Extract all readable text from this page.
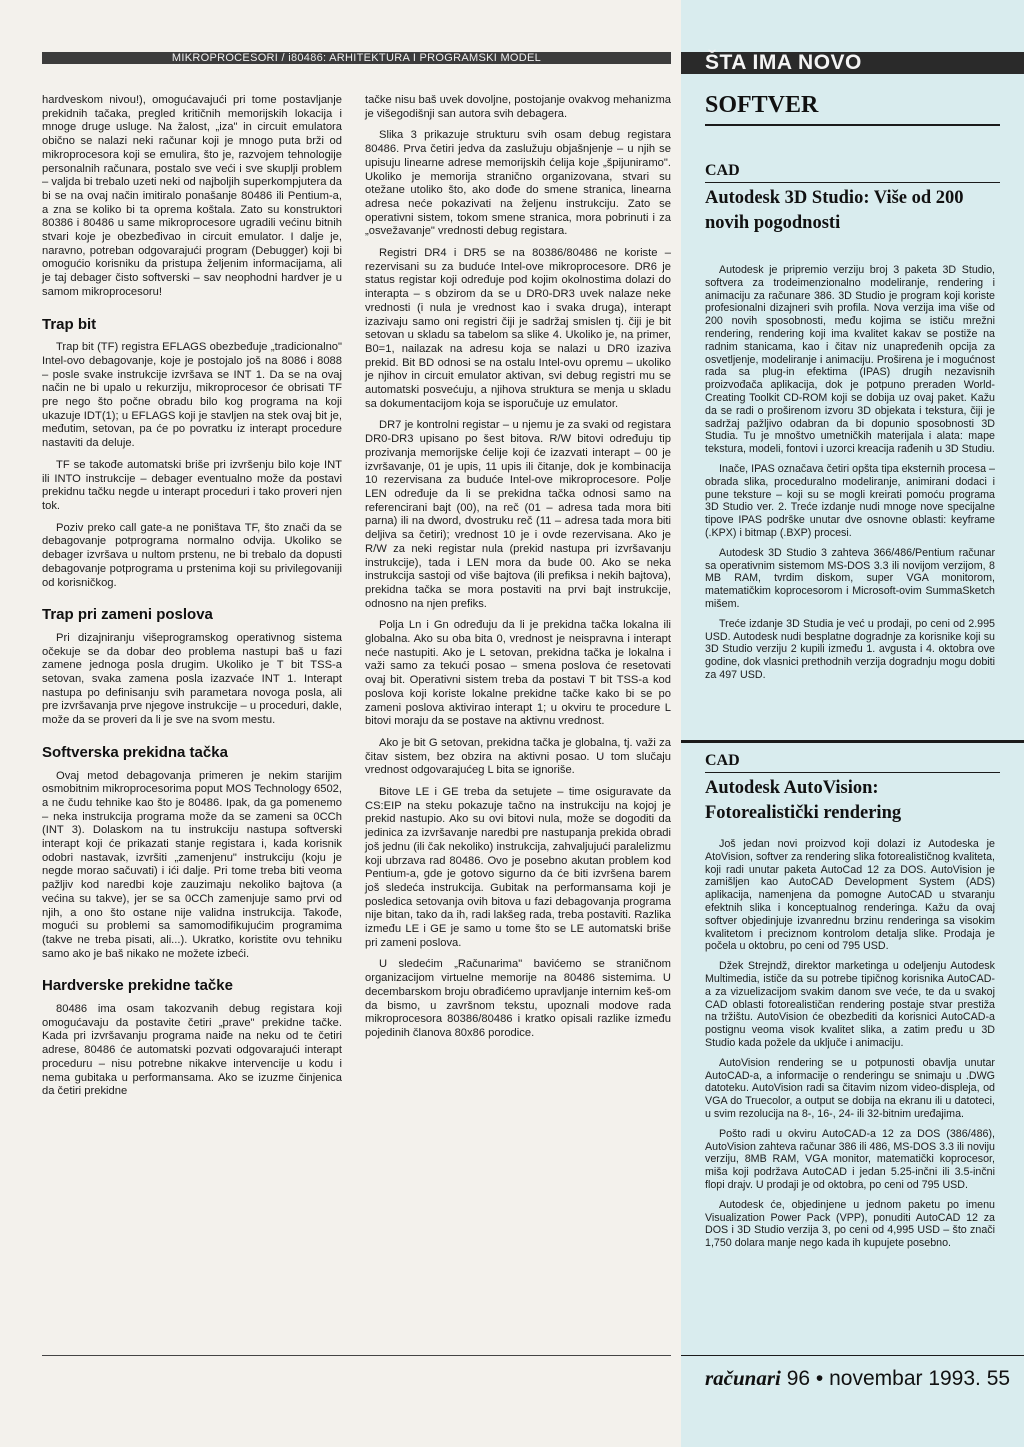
MIKROPROCESORI / i80486: ARHITEKTURA I PROGRAMSKI MODEL

hardveskom nivou!), omogućavajući pri tome postavljanje prekidnih tačaka, pregled kritičnih memorijskih lokacija i mnoge druge usluge. Na žalost, „iza" in circuit emulatora obično se nalazi neki računar koji je mnogo puta brži od mikroprocesora koji se emulira, što je, razvojem tehnologije personalnih računara, postalo sve veći i sve skuplji problem – valjda bi trebalo uzeti neki od najboljih superkompjutera da bi se na ovaj način imitiralo ponašanje 80486 ili Pentium-a, a zna se koliko bi ta oprema koštala. Zato su konstruktori 80386 i 80486 u same mikroprocesore ugradili većinu bitnih stvari koje je obezbeđivao in circuit emulator. I dalje je, naravno, potreban odgovarajući program (Debugger) koji bi omogućio korisniku da pristupa željenim informacijama, ali je taj debager čisto softverski – sav neophodni hardver je u samom mikroprocesoru!

Trap bit

Trap bit (TF) registra EFLAGS obezbeđuje „tradicionalno" Intel-ovo debagovanje, koje je postojalo još na 8086 i 8088 – posle svake instrukcije izvršava se INT 1. Da se na ovaj način ne bi upalo u rekurziju, mikroprocesor će obrisati TF pre nego što počne obradu bilo kog programa na koji ukazuje IDT(1); u EFLAGS koji je stavljen na stek ovaj bit je, međutim, setovan, pa će po povratku iz interapt procedure nastaviti da deluje.

TF se takođe automatski briše pri izvršenju bilo koje INT ili INTO instrukcije – debager eventualno može da postavi prekidnu tačku negde u interapt proceduri i tako proveri njen tok.

Poziv preko call gate-a ne poništava TF, što znači da se debagovanje potprograma normalno odvija. Ukoliko se debager izvršava u nultom prstenu, ne bi trebalo da dopusti debagovanje potprograma u prstenima koji su privilegovaniji od korisničkog.

Trap pri zameni poslova

Pri dizajniranju višeprogramskog operativnog sistema očekuje se da dobar deo problema nastupi baš u fazi zamene jednoga posla drugim. Ukoliko je T bit TSS-a setovan, svaka zamena posla izazvaće INT 1. Interapt nastupa po definisanju svih parametara novoga posla, ali pre izvršavanja prve njegove instrukcije – u proceduri, dakle, može da se proveri da li je sve na svom mestu.

Softverska prekidna tačka

Ovaj metod debagovanja primeren je nekim starijim osmobitnim mikroprocesorima poput MOS Technology 6502, a ne čudu tehnike kao što je 80486. Ipak, da ga pomenemo – neka instrukcija programa može da se zameni sa 0CCh (INT 3). Dolaskom na tu instrukciju nastupa softverski interapt koji će prikazati stanje registara i, kada korisnik odobri nastavak, izvršiti „zamenjenu" instrukciju (koju je negde morao sačuvati) i ići dalje. Pri tome treba biti veoma pažljiv kod naredbi koje zauzimaju nekoliko bajtova (a većina su takve), jer se sa 0CCh zamenjuje samo prvi od njih, a ono što ostane nije validna instrukcija. Takođe, mogući su problemi sa samomodifikujućim programima (takve ne treba pisati, ali...). Ukratko, koristite ovu tehniku samo ako je baš nikako ne možete izbeći.

Hardverske prekidne tačke

80486 ima osam takozvanih debug registara koji omogućavaju da postavite četiri „prave" prekidne tačke. Kada pri izvršavanju programa naiđe na neku od te četiri adrese, 80486 će automatski pozvati odgovarajući interapt proceduru – nisu potrebne nikakve intervencije u kodu i nema gubitaka u performansama. Ako se izuzme činjenica da četiri prekidne

tačke nisu baš uvek dovoljne, postojanje ovakvog mehanizma je višegodišnji san autora svih debagera.

Slika 3 prikazuje strukturu svih osam debug registara 80486. Prva četiri jedva da zaslužuju objašnjenje – u njih se upisuju linearne adrese memorijskih ćelija koje „špijuniramo". Ukoliko je memorija stranično organizovana, stvari su otežane utoliko što, ako dođe do smene stranica, linearna adresa neće pokazivati na željenu instrukciju. Zato se operativni sistem, tokom smene stranica, mora pobrinuti i za „osvežavanje" vrednosti debug registara.

Registri DR4 i DR5 se na 80386/80486 ne koriste – rezervisani su za buduće Intel-ove mikroprocesore. DR6 je status registar koji određuje pod kojim okolnostima dolazi do interapta – s obzirom da se u DR0-DR3 uvek nalaze neke vrednosti (i nula je vrednost kao i svaka druga), interapt izazivaju samo oni registri čiji je sadržaj smislen tj. čiji je bit setovan u skladu sa tabelom sa slike 4. Ukoliko je, na primer, B0=1, nailazak na adresu koja se nalazi u DR0 izaziva prekid. Bit BD odnosi se na ostalu Intel-ovu opremu – ukoliko je njihov in circuit emulator aktivan, svi debug registri mu se automatski posvećuju, a njihova struktura se menja u skladu sa dokumentacijom koja se isporučuje uz emulator.

DR7 je kontrolni registar – u njemu je za svaki od registara DR0-DR3 upisano po šest bitova. R/W bitovi određuju tip prozivanja memorijske ćelije koji će izazvati interapt – 00 je izvršavanje, 01 je upis, 11 upis ili čitanje, dok je kombinacija 10 rezervisana za buduće Intel-ove mikroprocesore. Polje LEN određuje da li se prekidna tačka odnosi samo na referencirani bajt (00), na reč (01 – adresa tada mora biti parna) ili na dword, dvostruku reč (11 – adresa tada mora biti deljiva sa četiri); vrednost 10 je i ovde rezervisana. Ako je R/W za neki registar nula (prekid nastupa pri izvršavanju instrukcije), tada i LEN mora da bude 00. Ako se neka instrukcija sastoji od više bajtova (ili prefiksa i nekih bajtova), prekidna tačka se mora postaviti na prvi bajt instrukcije, odnosno na njen prefiks.

Polja Ln i Gn određuju da li je prekidna tačka lokalna ili globalna. Ako su oba bita 0, vrednost je neispravna i interapt neće nastupiti. Ako je L setovan, prekidna tačka je lokalna i važi samo za tekući posao – smena poslova će resetovati ovaj bit. Operativni sistem treba da postavi T bit TSS-a kod poslova koji koriste lokalne prekidne tačke kako bi se po zameni poslova aktivirao interapt 1; u okviru te procedure L bitovi moraju da se postave na aktivnu vrednost.

Ako je bit G setovan, prekidna tačka je globalna, tj. važi za čitav sistem, bez obzira na aktivni posao. U tom slučaju vrednost odgovarajućeg L bita se ignoriše.

Bitove LE i GE treba da setujete – time osiguravate da CS:EIP na steku pokazuje tačno na instrukciju na kojoj je prekid nastupio. Ako su ovi bitovi nula, može se dogoditi da jedinica za izvršavanje naredbi pre nastupanja prekida obradi još jednu (ili čak nekoliko) instrukcija, zahvaljujući paralelizmu koji ubrzava rad 80486. Ovo je posebno akutan problem kod Pentium-a, gde je gotovo sigurno da će biti izvršena barem još sledeća instrukcija. Gubitak na performansama koji je posledica setovanja ovih bitova u fazi debagovanja programa nije bitan, tako da ih, radi lakšeg rada, treba postaviti. Razlika između LE i GE je samo u tome što se LE automatski briše pri zameni poslova.

U sledećim „Računarima" bavićemo se straničnom organizacijom virtuelne memorije na 80486 sistemima. U decembarskom broju obrađićemo upravljanje internim keš-om da bismo, u završnom tekstu, upoznali modove rada mikroprocesora 80386/80486 i kratko opisali razlike između pojedinih članova 80x86 porodice.

ŠTA IMA NOVO
SOFTVER
CAD
Autodesk 3D Studio: Više od 200 novih pogodnosti

Autodesk je pripremio verziju broj 3 paketa 3D Studio, softvera za trodeimenzionalno modeliranje, rendering i animaciju za računare 386. 3D Studio je program koji koriste profesionalni dizajneri svih profila. Nova verzija ima više od 200 novih sposobnosti, među kojima se ističu mrežni rendering, rendering koji ima kvalitet kakav se postiže na radnim stanicama, kao i čitav niz unapređenih opcija za osvetljenje, modeliranje i animaciju. Proširena je i mogućnost rada sa plug-in efektima (IPAS) drugih nezavisnih proizvođača aplikacija, dok je potpuno preraden World-Creating Toolkit CD-ROM koji se dobija uz ovaj paket. Kažu da se radi o proširenom izvoru 3D objekata i tekstura, čiji je sadržaj pažljivo odabran da bi dopunio sposobnosti 3D Studia. Tu je mnoštvo umetničkih materijala i alata: mape tekstura, modeli, fontovi i uzorci kreacija rađenih u 3D Studiu.

Inače, IPAS označava četiri opšta tipa eksternih procesa – obrada slika, proceduralno modeliranje, animirani dodaci i pune teksture – koji su se mogli kreirati pomoću programa 3D Studio ver. 2. Treće izdanje nudi mnoge nove specijalne tipove IPAS podrške unutar dve osnovne oblasti: keyframe (.KPX) i bitmap (.BXP) procesi.

Autodesk 3D Studio 3 zahteva 366/486/Pentium računar sa operativnim sistemom MS-DOS 3.3 ili novijom verzijom, 8 MB RAM, tvrdim diskom, super VGA monitorom, matematičkim koprocesorom i Microsoft-ovim SummaSketch mišem.

Treće izdanje 3D Studia je već u prodaji, po ceni od 2.995 USD. Autodesk nudi besplatne dogradnje za korisnike koji su 3D Studio verziju 2 kupili između 1. avgusta i 4. oktobra ove godine, dok vlasnici prethodnih verzija dogradnju mogu dobiti za 497 USD.

CAD
Autodesk AutoVision: Fotorealistički rendering

Još jedan novi proizvod koji dolazi iz Autodeska je AtoVision, softver za rendering slika fotorealističnog kvaliteta, koji radi unutar paketa AutoCad 12 za DOS. AutoVision je zamišljen kao AutoCAD Development System (ADS) aplikacija, namenjena da pomogne AutoCAD u stvaranju efektnih slika i konceptualnog renderinga. Kažu da ovaj softver objedinjuje izvanrednu brzinu renderinga sa visokim kvalitetom i preciznom kontrolom detalja slike. Prodaja je počela u oktobru, po ceni od 795 USD.

Džek Strejndž, direktor marketinga u odeljenju Autodesk Multimedia, ističe da su potrebe tipičnog korisnika AutoCAD-a za vizuelizacijom svakim danom sve veće, te da u svakoj CAD oblasti fotorealističan rendering postaje stvar prestiža na tržištu. AutoVision će obezbediti da korisnici AutoCAD-a postignu veoma visok kvalitet slika, a zatim pređu u 3D Studio kada požele da uključe i animaciju.

AutoVision rendering se u potpunosti obavlja unutar AutoCAD-a, a informacije o renderingu se snimaju u .DWG datoteku. AutoVision radi sa čitavim nizom video-displeja, od VGA do Truecolor, a output se dobija na ekranu ili u datoteci, u svim rezolucija na 8-, 16-, 24- ili 32-bitnim uređajima.

Pošto radi u okviru AutoCAD-a 12 za DOS (386/486), AutoVision zahteva računar 386 ili 486, MS-DOS 3.3 ili noviju verziju, 8MB RAM, VGA monitor, matematički koprocesor, miša koji podržava AutoCAD i jedan 5.25-inčni ili 3.5-inčni flopi drajv. U prodaji je od oktobra, po ceni od 795 USD.

Autodesk će, objedinjene u jednom paketu po imenu Visualization Power Pack (VPP), ponuditi AutoCAD 12 za DOS i 3D Studio verzija 3, po ceni od 4,995 USD – što znači 1,750 dolara manje nego kada ih kupujete posebno.

računari 96 • novembar 1993. 55
